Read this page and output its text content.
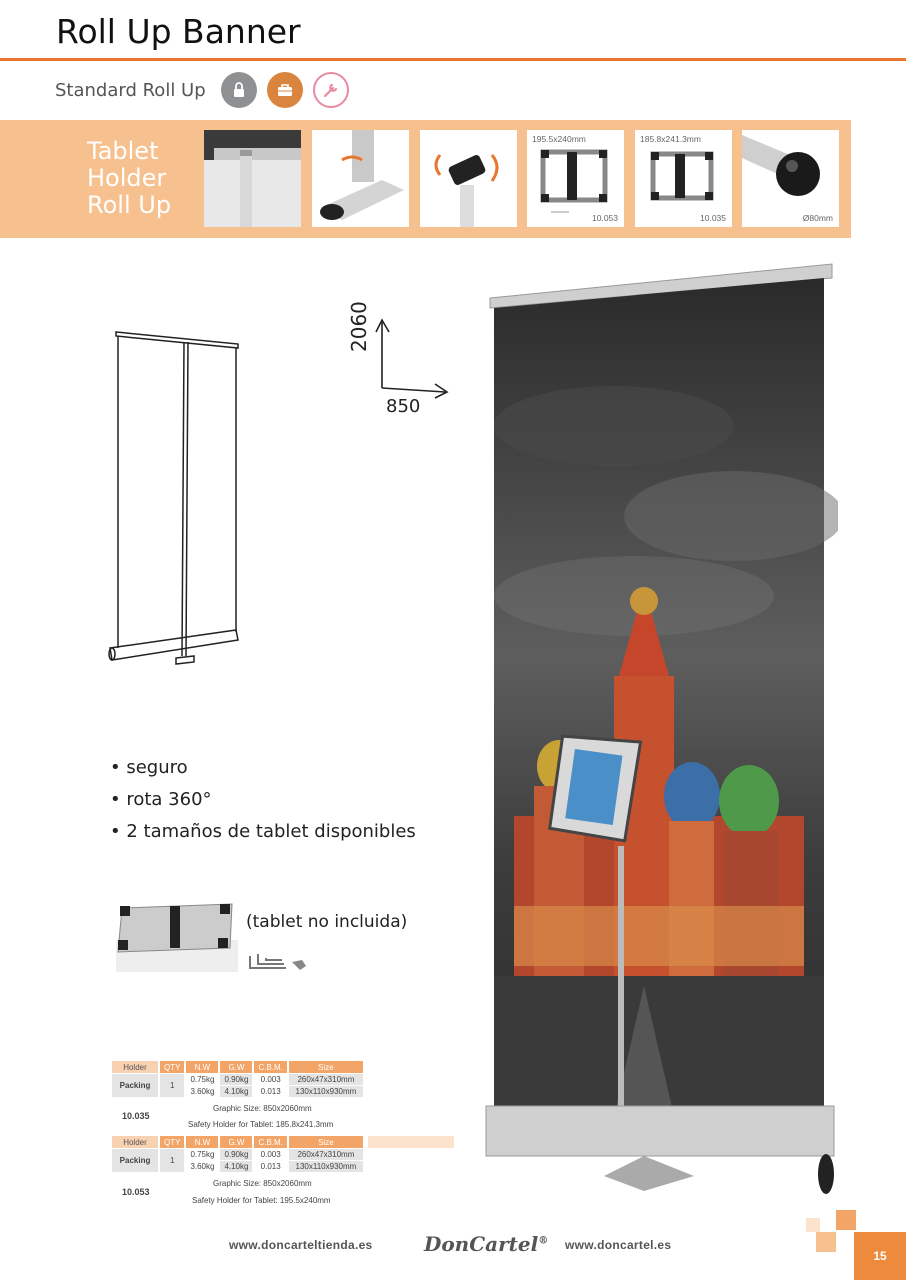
Roll Up Banner
Standard Roll Up
Tablet
Holder
Roll Up
195.5x240mm
10.053
185.8x241.3mm
10.035	Ø80mm
2060
850
• seguro
• rota 360°
• 2 tamaños de tablet disponibles
(tablet no incluida)
Holder	QTY	N.W	G.W	C.B.M.	Size
Packing	1	0.75kg	0.90kg	0.003	260x47x310mm
		3.60kg	4.10kg	0.013	130x110x930mm
10.035
Graphic Size: 850x2060mm
Safety Holder for Tablet: 185.8x241.3mm
Holder	QTY	N.W	G.W	C.B.M.	Size
Packing	1	0.75kg	0.90kg	0.003	260x47x310mm
		3.60kg	4.10kg	0.013	130x110x930mm
10.053
Graphic Size: 850x2060mm
Safety Holder for Tablet: 195.5x240mm
www.doncarteltienda.es	DonCartel® www.doncartel.es
15
